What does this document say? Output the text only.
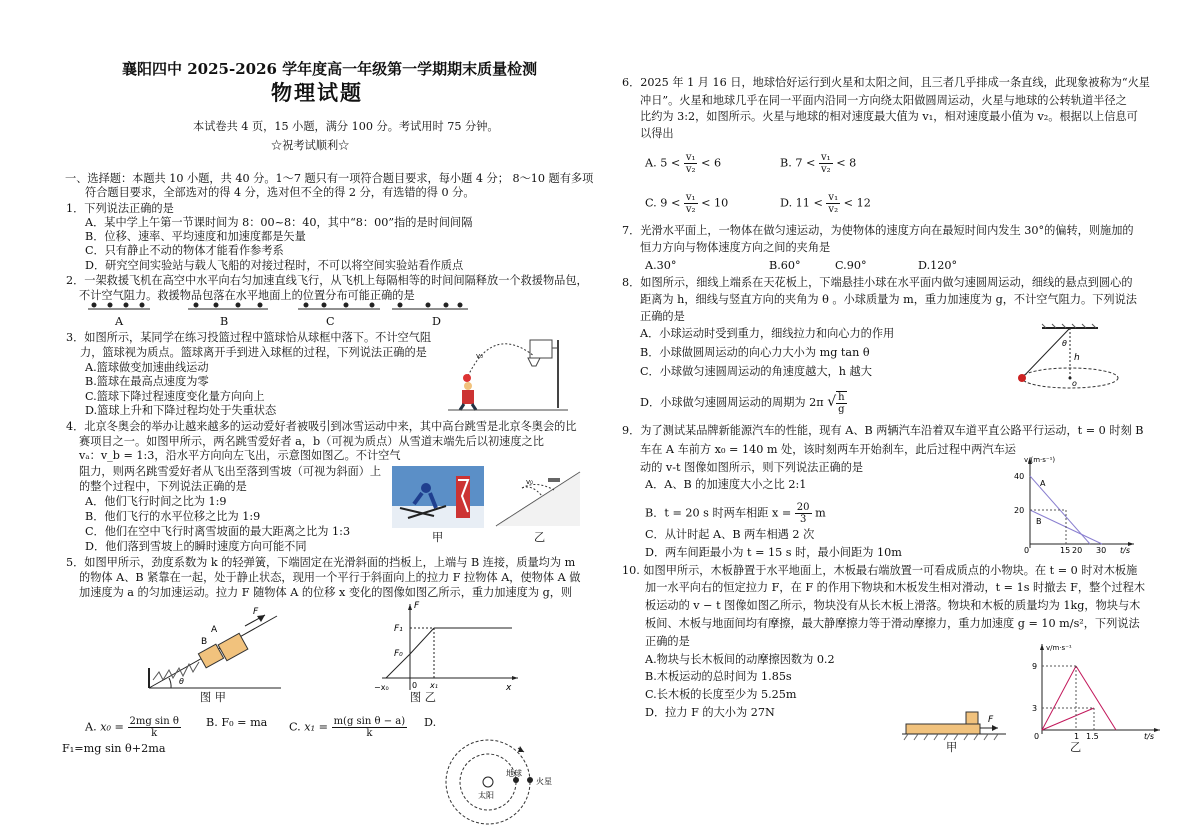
襄阳四中 2025-2026 学年度高一年级第一学期期末质量检测
物理试题
本试卷共 4 页，15 小题，满分 100 分。考试用时 75 分钟。
☆祝考试顺利☆
一、选择题：本题共 10 小题，共 40 分。1～7 题只有一项符合题目要求，每小题 4 分； 8～10 题有多项
符合题目要求，全部选对的得 4 分，选对但不全的得 2 分，有选错的得 0 分。
1．下列说法正确的是
A．某中学上午第一节课时间为 8：00~8：40，其中“8：00”指的是时间间隔
B．位移、速率、平均速度和加速度都是矢量
C．只有静止不动的物体才能看作参考系
D．研究空间实验站与载人飞船的对接过程时，不可以将空间实验站看作质点
2．一架救援飞机在高空中水平向右匀加速直线飞行，从飞机上每隔相等的时间间隔释放一个救援物品包，
不计空气阻力。救援物品包落在水平地面上的位置分布可能正确的是
A	B	C	D
3．如图所示，某同学在练习投篮过程中篮球恰从球框中落下。不计空气阻
力，篮球视为质点。篮球离开手到进入球框的过程，下列说法正确的是
A.篮球做变加速曲线运动
B.篮球在最高点速度为零
C.篮球下降过程速度变化量方向向上
D.篮球上升和下降过程均处于失重状态
v₀
4．北京冬奥会的举办让越来越多的运动爱好者被吸引到冰雪运动中来，其中高台跳雪是北京冬奥会的比
赛项目之一。如图甲所示，两名跳雪爱好者 a，b（可视为质点）从雪道末端先后以初速度之比
vₐ：v_b = 1:3，沿水平方向向左飞出，示意图如图乙。不计空气
阻力，则两名跳雪爱好者从飞出至落到雪坡（可视为斜面）上
的整个过程中，下列说法正确的是
A．他们飞行时间之比为 1:9
B．他们飞行的水平位移之比为 1:9
C．他们在空中飞行时离雪坡面的最大距离之比为 1:3
D．他们落到雪坡上的瞬时速度方向可能不同
甲
v₀
乙
5．如图甲所示，劲度系数为 k 的轻弹簧，下端固定在光滑斜面的挡板上，上端与 B 连接，质量均为 m
的物体 A、B 紧靠在一起，处于静止状态，现用一个平行于斜面向上的拉力 F 拉物体 A，使物体 A 做
加速度为 a 的匀加速运动。拉力 F 随物体 A 的位移 x 变化的图像如图乙所示，重力加速度为 g，则
B
A
F
θ
图 甲
F
F₁
F₀
x
−x₀	0 x₁
图 乙
A. $x_0 = \frac{\text{2mg sin θ}}{k} B$. F₀ = ma C. $x_1 = \frac{\text{m(g sin θ − a)}}{k} D$.
F₁=mg sin θ+2ma
太阳
地球
火星
6．2025 年 1 月 16 日，地球恰好运行到火星和太阳之间，且三者几乎排成一条直线，此现象被称为“火星
冲日”。火星和地球几乎在同一平面内沿同一方向绕太阳做圆周运动，火星与地球的公转轨道半径之
比约为 3:2，如图所示。火星与地球的相对速度最大值为 v₁，相对速度最小值为 v₂。根据以上信息可
以得出
A. $5 < \frac{\text{v₁}}{\text{v₂}} < 6$	B. $7 < \frac{\text{v₁}}{\text{v₂}} < 8$
C. $9 < \frac{\text{v₁}}{\text{v₂}} < 10$	D. $11 < \frac{\text{v₁}}{\text{v₂}} < 12$
7．光滑水平面上，一物体在做匀速运动，为使物体的速度方向在最短时间内发生 30°的偏转，则施加的
恒力方向与物体速度方向之间的夹角是
A.30°	B.60°	C.90°	D.120°
8．如图所示，细线上端系在天花板上，下端悬挂小球在水平面内做匀速圆周运动，细线的悬点到圆心的
距离为 h，细线与竖直方向的夹角为 θ 。小球质量为 m，重力加速度为 g，不计空气阻力。下列说法
正确的是
A．小球运动时受到重力，细线拉力和向心力的作用
B．小球做圆周运动的向心力大小为 mg tan θ
C．小球做匀速圆周运动的角速度越大，h 越大
D．小球做匀速圆周运动的周期为 2π √ $\frac{h}{g}$
θ
h
o
9．为了测试某品牌新能源汽车的性能，现有 A、B 两辆汽车沿着双车道平直公路平行运动，t = 0 时刻 B
车在 A 车前方 x₀ = 140 m 处，该时刻两车开始刹车，此后过程中两汽车运
动的 v-t 图像如图所示，则下列说法正确的是
A．A、B 的加速度大小之比 2:1
B．t = 20 s 时两车相距 $x = \frac{20}{3}$ m
C．从计时起 A、B 两车相遇 2 次
D．两车间距最小为 t = 15 s 时，最小间距为 10m
v/(m·s⁻¹)
40
20
0	15 20 30 t/s
A
B
10. 如图甲所示，木板静置于水平地面上，木板最右端放置一可看成质点的小物块。在 t = 0 时对木板施
加一水平向右的恒定拉力 F，在 F 的作用下物块和木板发生相对滑动，t = 1s 时撤去 F，整个过程木
板运动的 v − t 图像如图乙所示，物块没有从长木板上滑落。物块和木板的质量均为 1kg，物块与木
板间、木板与地面间均有摩擦，最大静摩擦力等于滑动摩擦力，重力加速度 g = 10 m/s²，下列说法
正确的是
A.物块与长木板间的动摩擦因数为 0.2
B.木板运动的总时间为 1.85s
C.长木板的长度至少为 5.25m
D．拉力 F 的大小为 27N
F
甲
v/m·s⁻¹
9
3
0	1 1.5	t/s
乙
